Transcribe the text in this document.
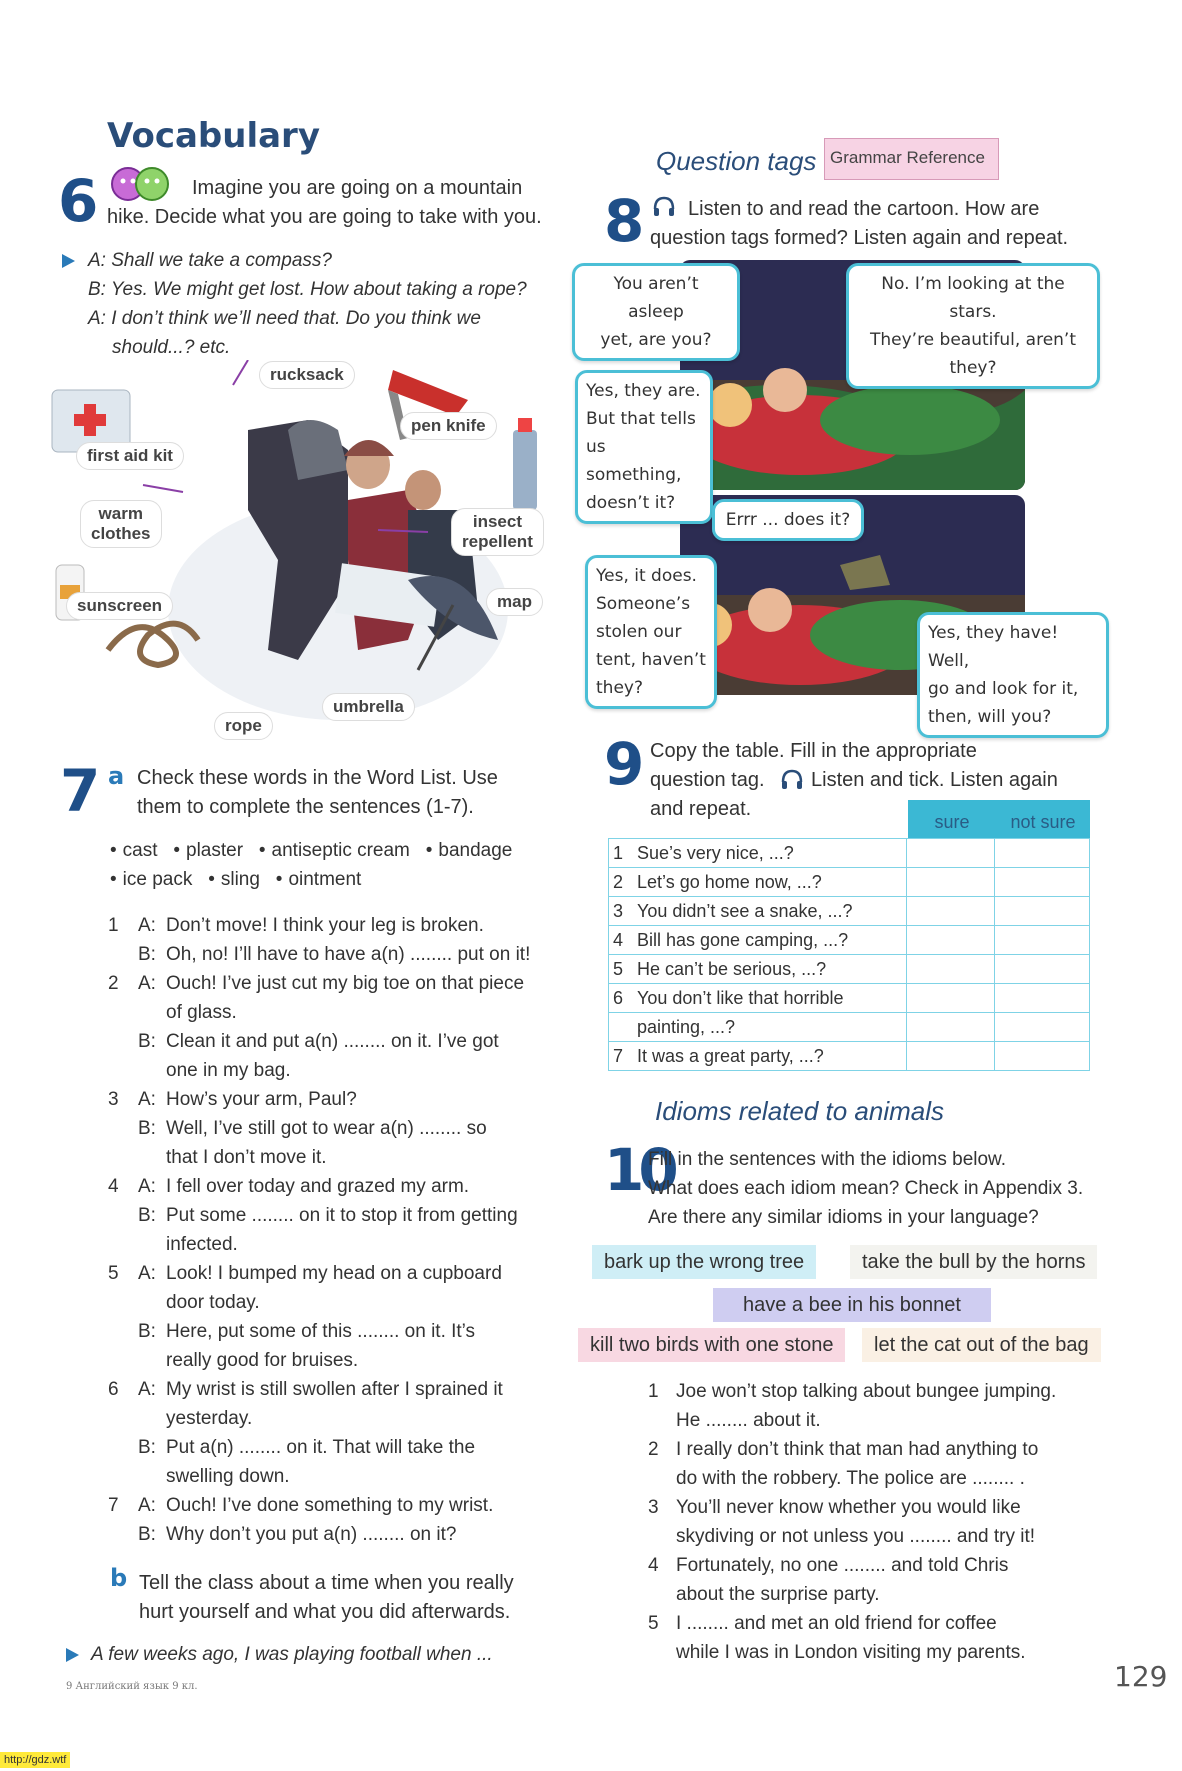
Vocabulary
6	Imagine you are going on a mountain
hike. Decide what you are going to take with you.
A: Shall we take a compass?
B: Yes. We might get lost. How about taking a rope?
A: I don’t think we’ll need that. Do you think we
should...? etc.
rucksack
pen knife
first aid kit
warm
clothes
insect
repellent
sunscreen	map
umbrella
rope
7 a Check these words in the Word List. Use
them to complete the sentences (1-7).
• cast • plaster • antiseptic cream • bandage
• ice pack • sling • ointment
1	A: Don’t move! I think your leg is broken.
B: Oh, no! I’ll have to have a(n) ........ put on it!
2	A: Ouch! I’ve just cut my big toe on that piece
of glass.
B: Clean it and put a(n) ........ on it. I’ve got
one in my bag.
3	A: How’s your arm, Paul?
B: Well, I’ve still got to wear a(n) ........ so
that I don’t move it.
4	A: I fell over today and grazed my arm.
B: Put some ........ on it to stop it from getting
infected.
5	A: Look! I bumped my head on a cupboard
door today.
B: Here, put some of this ........ on it. It’s
really good for bruises.
6	A: My wrist is still swollen after I sprained it
yesterday.
B: Put a(n) ........ on it. That will take the
swelling down.
7	A: Ouch! I’ve done something to my wrist.
B: Why don’t you put a(n) ........ on it?
b Tell the class about a time when you really
hurt yourself and what you did afterwards.
A few weeks ago, I was playing football when ...
9 Английский язык 9 кл.
Question tags Grammar Reference
8 Listen to and read the cartoon. How are
question tags formed? Listen again and repeat.
You aren’t asleep
yet, are you?
No. I’m looking at the stars.
They’re beautiful, aren’t they?
Yes, they are.
But that tells
us something,
doesn’t it?
Errr ... does it?
Yes, it does.
Someone’s
stolen our
tent, haven’t
they?
Yes, they have! Well,
go and look for it,
then, will you?
9 Copy the table. Fill in the appropriate
question tag. Listen and tick. Listen again
and repeat.
sure	not sure
1 Sue’s very nice, ...?		
2 Let’s go home now, ...?		
3 You didn’t see a snake, ...?		
4 Bill has gone camping, ...?		
5 He can’t be serious, ...?		
6 You don’t like that horrible		
painting, ...?		
7 It was a great party, ...?		
Idioms related to animals
10
Fill in the sentences with the idioms below.
What does each idiom mean? Check in Appendix 3.
Are there any similar idioms in your language?
bark up the wrong tree	take the bull by the horns
have a bee in his bonnet
kill two birds with one stone	let the cat out of the bag
1 Joe won’t stop talking about bungee jumping.
He ........ about it.
2 I really don’t think that man had anything to
do with the robbery. The police are ........ .
3 You’ll never know whether you would like
skydiving or not unless you ........ and try it!
4 Fortunately, no one ........ and told Chris
about the surprise party.
5 I ........ and met an old friend for coffee
while I was in London visiting my parents.
129
http://gdz.wtf
